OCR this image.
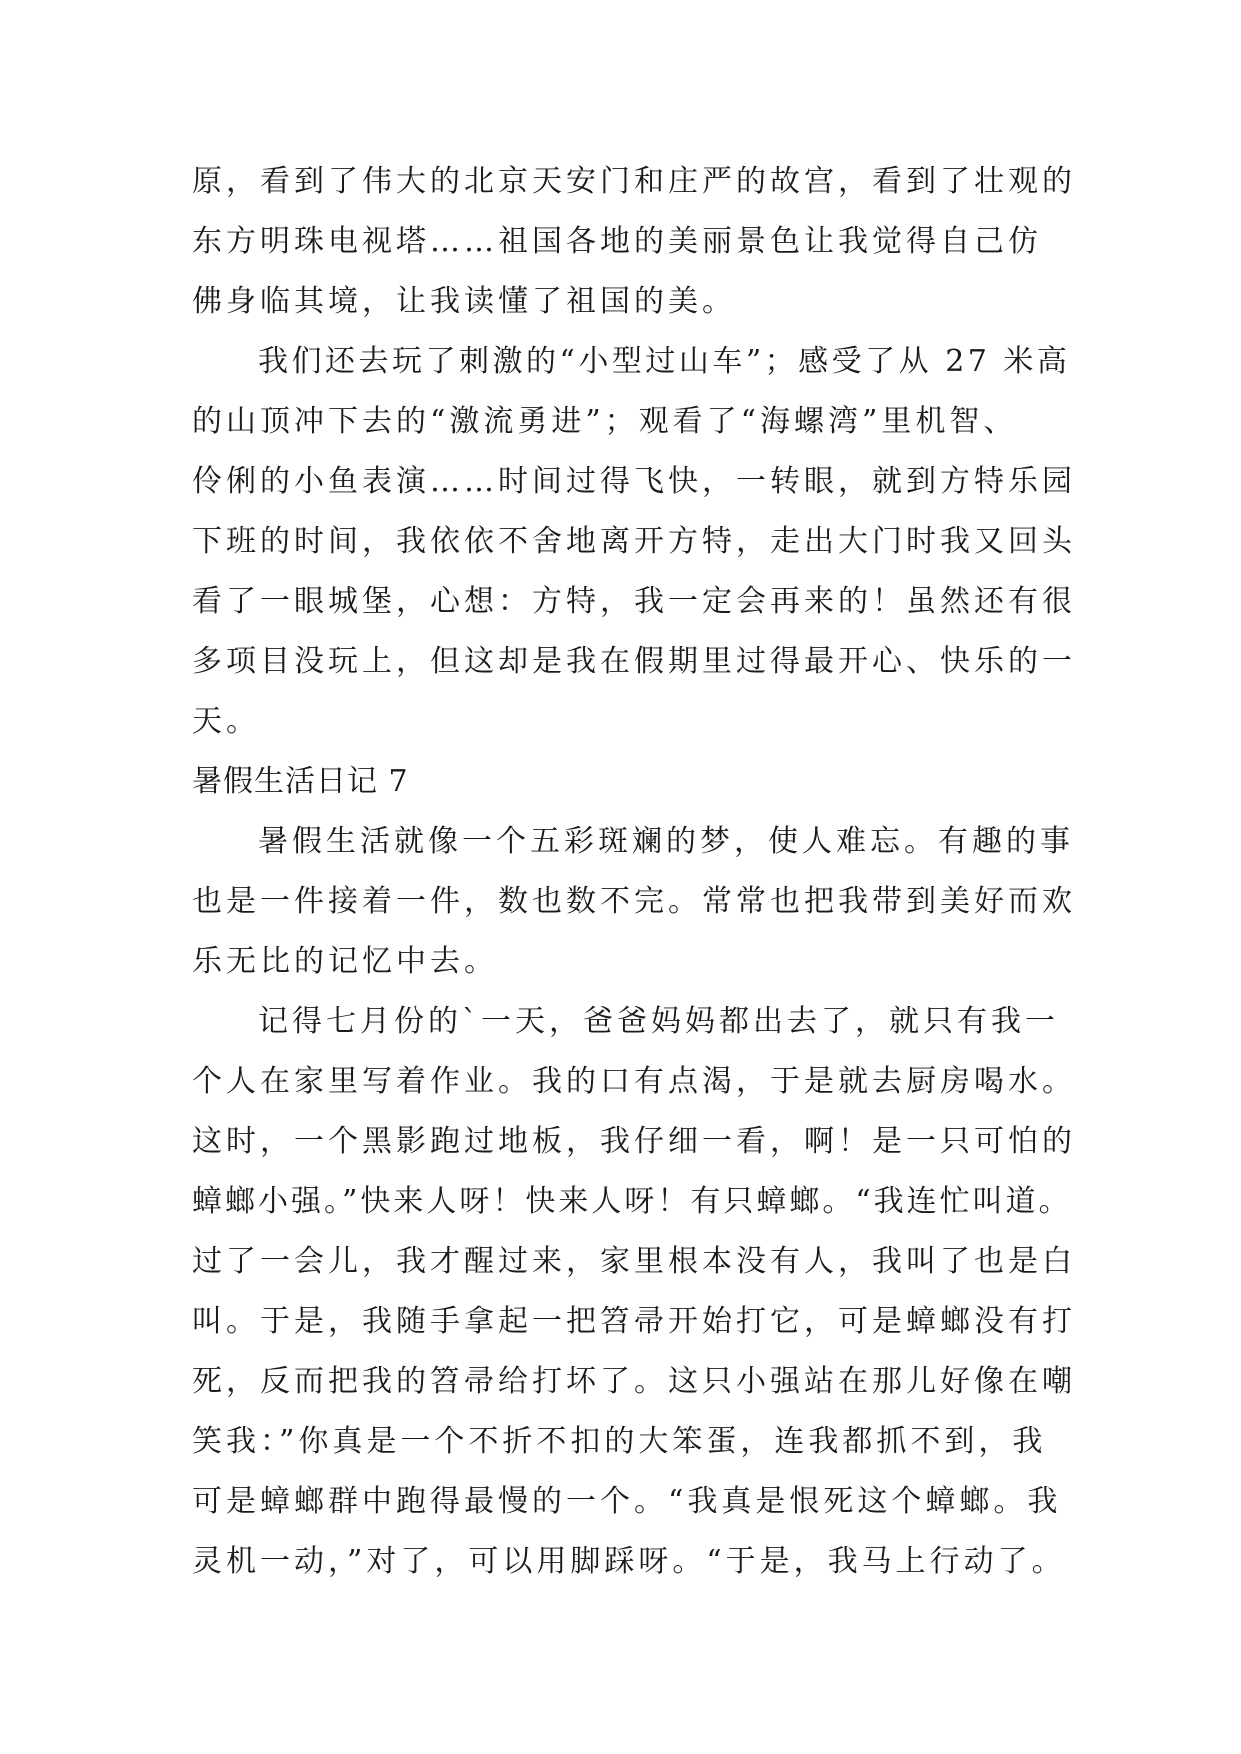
原，看到了伟大的北京天安门和庄严的故宫，看到了壮观的
东方明珠电视塔……祖国各地的美丽景色让我觉得自己仿
佛身临其境，让我读懂了祖国的美。
我们还去玩了刺激的“小型过山车”；感受了从 27 米高
的山顶冲下去的“激流勇进”；观看了“海螺湾”里机智、
伶俐的小鱼表演……时间过得飞快，一转眼，就到方特乐园
下班的时间，我依依不舍地离开方特，走出大门时我又回头
看了一眼城堡，心想：方特，我一定会再来的！虽然还有很
多项目没玩上，但这却是我在假期里过得最开心、快乐的一
天。
暑假生活日记 7
暑假生活就像一个五彩斑斓的梦，使人难忘。有趣的事
也是一件接着一件，数也数不完。常常也把我带到美好而欢
乐无比的记忆中去。
记得七月份的`一天，爸爸妈妈都出去了，就只有我一
个人在家里写着作业。我的口有点渴，于是就去厨房喝水。
这时，一个黑影跑过地板，我仔细一看，啊！是一只可怕的
蟑螂小强。”快来人呀！快来人呀！有只蟑螂。“我连忙叫道。
过了一会儿，我才醒过来，家里根本没有人，我叫了也是白
叫。于是，我随手拿起一把笤帚开始打它，可是蟑螂没有打
死，反而把我的笤帚给打坏了。这只小强站在那儿好像在嘲
笑我：”你真是一个不折不扣的大笨蛋，连我都抓不到，我
可是蟑螂群中跑得最慢的一个。“我真是恨死这个蟑螂。我
灵机一动，”对了，可以用脚踩呀。“于是，我马上行动了。
